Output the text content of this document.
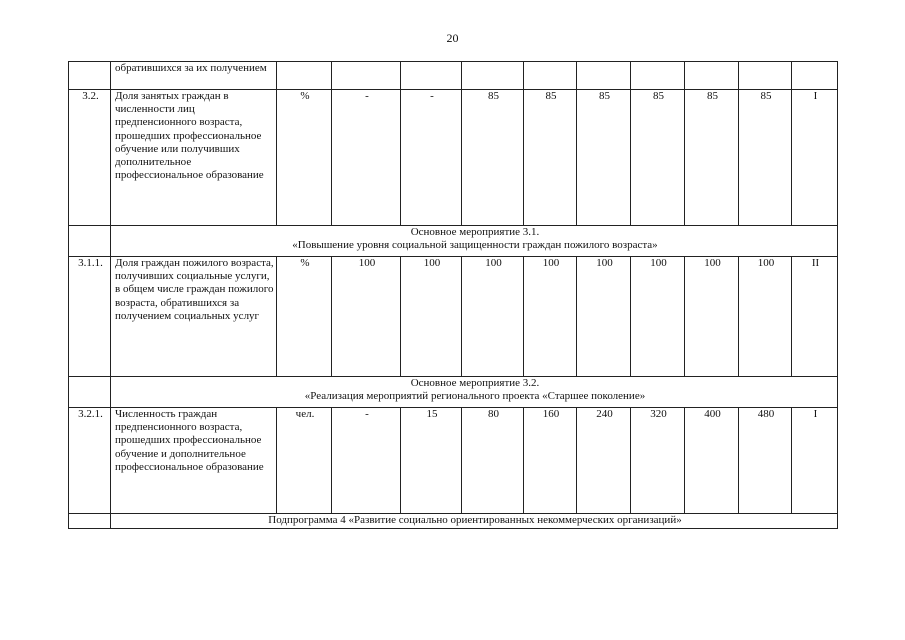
20
	обратившихся за их получением										
3.2.	Доля занятых граждан в численности лиц предпенсионного возраста, прошедших профессиональное обучение или получивших дополнительное профессиональное образование	%	-	-	85	85	85	85	85	85	I

	Основное мероприятие 3.1.
«Повышение уровня социальной защищенности граждан пожилого возраста»										

3.1.1.	Доля граждан пожилого возраста, получивших социальные услуги, в общем числе граждан пожилого возраста, обратившихся за получением социальных услуг	%	100	100	100	100	100	100	100	100	II

	Основное мероприятие 3.2.
«Реализация мероприятий регионального проекта «Старшее поколение»										

3.2.1.	Численность граждан предпенсионного возраста, прошедших профессиональное обучение и дополнительное профессиональное образование	чел.	-	15	80	160	240	320	400	480	I

	Подпрограмма 4 «Развитие социально ориентированных некоммерческих организаций»										
